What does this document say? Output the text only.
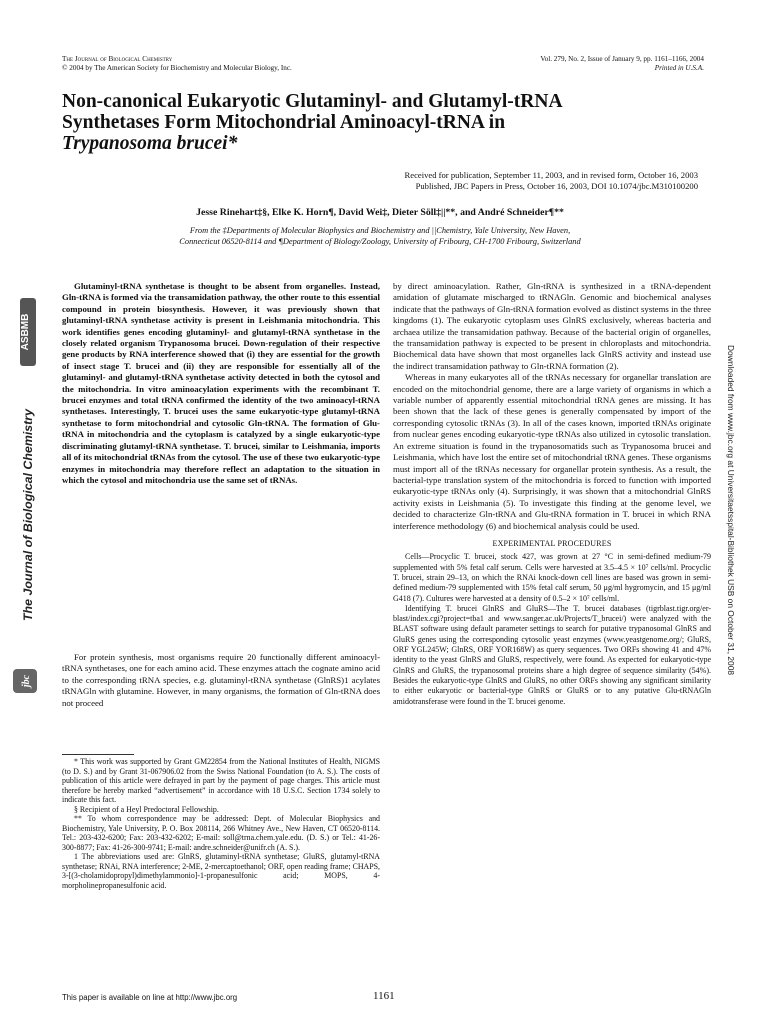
The Journal of Biological Chemistry
© 2004 by The American Society for Biochemistry and Molecular Biology, Inc.
Vol. 279, No. 2, Issue of January 9, pp. 1161–1166, 2004
Printed in U.S.A.
Non-canonical Eukaryotic Glutaminyl- and Glutamyl-tRNA
Synthetases Form Mitochondrial Aminoacyl-tRNA in
Trypanosoma brucei*
Received for publication, September 11, 2003, and in revised form, October 16, 2003
Published, JBC Papers in Press, October 16, 2003, DOI 10.1074/jbc.M310100200
Jesse Rinehart‡§, Elke K. Horn¶, David Wei‡, Dieter Söll‡||**, and André Schneider¶**
From the ‡Departments of Molecular Biophysics and Biochemistry and ||Chemistry, Yale University, New Haven,
Connecticut 06520-8114 and ¶Department of Biology/Zoology, University of Fribourg, CH-1700 Fribourg, Switzerland

Glutaminyl-tRNA synthetase is thought to be absent from organelles. Instead, Gln-tRNA is formed via the transamidation pathway, the other route to this essential compound in protein biosynthesis. However, it was previously shown that glutaminyl-tRNA synthetase activity is present in Leishmania mitochondria. This work identifies genes encoding glutaminyl- and glutamyl-tRNA synthetase in the closely related organism Trypanosoma brucei. Down-regulation of their respective gene products by RNA interference showed that (i) they are essential for the growth of insect stage T. brucei and (ii) they are responsible for essentially all of the glutaminyl- and glutamyl-tRNA synthetase activity detected in both the cytosol and the mitochondria. In vitro aminoacylation experiments with the recombinant T. brucei enzymes and total tRNA confirmed the identity of the two aminoacyl-tRNA synthetases. Interestingly, T. brucei uses the same eukaryotic-type glutamyl-tRNA synthetase to form mitochondrial and cytosolic Gln-tRNA. The formation of Glu-tRNA in mitochondria and the cytoplasm is catalyzed by a single eukaryotic-type discriminating glutamyl-tRNA synthetase. T. brucei, similar to Leishmania, imports all of its mitochondrial tRNAs from the cytosol. The use of these two eukaryotic-type enzymes in mitochondria may therefore reflect an adaptation to the situation in which the cytosol and mitochondria use the same set of tRNAs.

For protein synthesis, most organisms require 20 functionally different aminoacyl-tRNA synthetases, one for each amino acid. These enzymes attach the cognate amino acid to the corresponding tRNA species, e.g. glutaminyl-tRNA synthetase (GlnRS)1 acylates tRNAGln with glutamine. However, in many organisms, the formation of Gln-tRNA does not proceed

* This work was supported by Grant GM22854 from the National Institutes of Health, NIGMS (to D. S.) and by Grant 31-067906.02 from the Swiss National Foundation (to A. S.). The costs of publication of this article were defrayed in part by the payment of page charges. This article must therefore be hereby marked “advertisement” in accordance with 18 U.S.C. Section 1734 solely to indicate this fact.

§ Recipient of a Heyl Predoctoral Fellowship.

** To whom correspondence may be addressed: Dept. of Molecular Biophysics and Biochemistry, Yale University, P. O. Box 208114, 266 Whitney Ave., New Haven, CT 06520-8114. Tel.: 203-432-6200; Fax: 203-432-6202; E-mail: soll@trna.chem.yale.edu. (D. S.) or Tel.: 41-26-300-8877; Fax: 41-26-300-9741; E-mail: andre.schneider@unifr.ch (A. S.).

1 The abbreviations used are: GlnRS, glutaminyl-tRNA synthetase; GluRS, glutamyl-tRNA synthetase; RNAi, RNA interference; 2-ME, 2-mercaptoethanol; ORF, open reading frame; CHAPS, 3-[(3-cholamidopropyl)dimethylammonio]-1-propanesulfonic acid; MOPS, 4-morpholinepropanesulfonic acid.

by direct aminoacylation. Rather, Gln-tRNA is synthesized in a tRNA-dependent amidation of glutamate mischarged to tRNAGln. Genomic and biochemical analyses indicate that the pathways of Gln-tRNA formation evolved as distinct systems in the three kingdoms (1). The eukaryotic cytoplasm uses GlnRS exclusively, whereas bacteria and archaea utilize the transamidation pathway. Because of the bacterial origin of organelles, the transamidation pathway is expected to be present in chloroplasts and mitochondria. Biochemical data have shown that most organelles lack GlnRS activity and instead use the indirect transamidation pathway to Gln-tRNA formation (2).

Whereas in many eukaryotes all of the tRNAs necessary for organellar translation are encoded on the mitochondrial genome, there are a large variety of organisms in which a variable number of apparently essential mitochondrial tRNA genes are missing. It has been shown that the lack of these genes is generally compensated by import of the corresponding cytosolic tRNAs (3). In all of the cases known, imported tRNAs originate from nuclear genes encoding eukaryotic-type tRNAs also utilized in cytosolic translation. An extreme situation is found in the trypanosomatids such as Trypanosoma brucei and Leishmania, which have lost the entire set of mitochondrial tRNA genes. These organisms must import all of the tRNAs necessary for organellar protein synthesis. As a result, the bacterial-type translation system of the mitochondria is forced to function with imported eukaryotic-type tRNAs only (4). Surprisingly, it was shown that a mitochondrial GlnRS activity exists in Leishmania (5). To investigate this finding at the genome level, we decided to characterize Gln-tRNA and Glu-tRNA formation in T. brucei in which RNA interference methodology (6) and biochemical analysis could be used.

EXPERIMENTAL PROCEDURES

Cells—Procyclic T. brucei, stock 427, was grown at 27 °C in semi-defined medium-79 supplemented with 5% fetal calf serum. Cells were harvested at 3.5–4.5 × 10⁷ cells/ml. Procyclic T. brucei, strain 29–13, on which the RNAi knock-down cell lines are based was grown in semi-defined medium-79 supplemented with 15% fetal calf serum, 50 μg/ml hygromycin, and 15 μg/ml G418 (7). Cultures were harvested at a density of 0.5–2 × 10⁷ cells/ml.

Identifying T. brucei GlnRS and GluRS—The T. brucei databases (tigrblast.tigr.org/er-blast/index.cgi?project=tba1 and www.sanger.ac.uk/Projects/T_brucei/) were analyzed with the BLAST software using default parameter settings to search for putative trypanosomal GlnRS and GluRS genes using the corresponding cytosolic yeast enzymes (www.yeastgenome.org/; GluRS, ORF YGL245W; GlnRS, ORF YOR168W) as query sequences. Two ORFs showing 41 and 47% identity to the yeast GlnRS and GluRS, respectively, were found. As expected for eukaryotic-type GlnRS and GluRS, the trypanosomal proteins share a high degree of sequence similarity (54%). Besides the eukaryotic-type GlnRS and GluRS, no other ORFs showing any significant similarity to either eukaryotic or bacterial-type GlnRS or GluRS or to any putative Glu-tRNAGln amidotransferase were found in the T. brucei genome.

This paper is available on line at http://www.jbc.org	1161
ASBMB
The Journal of Biological Chemistry
jbc
Downloaded from www.jbc.org at Universitaetsspital-Bibliothek USB on October 31, 2008
